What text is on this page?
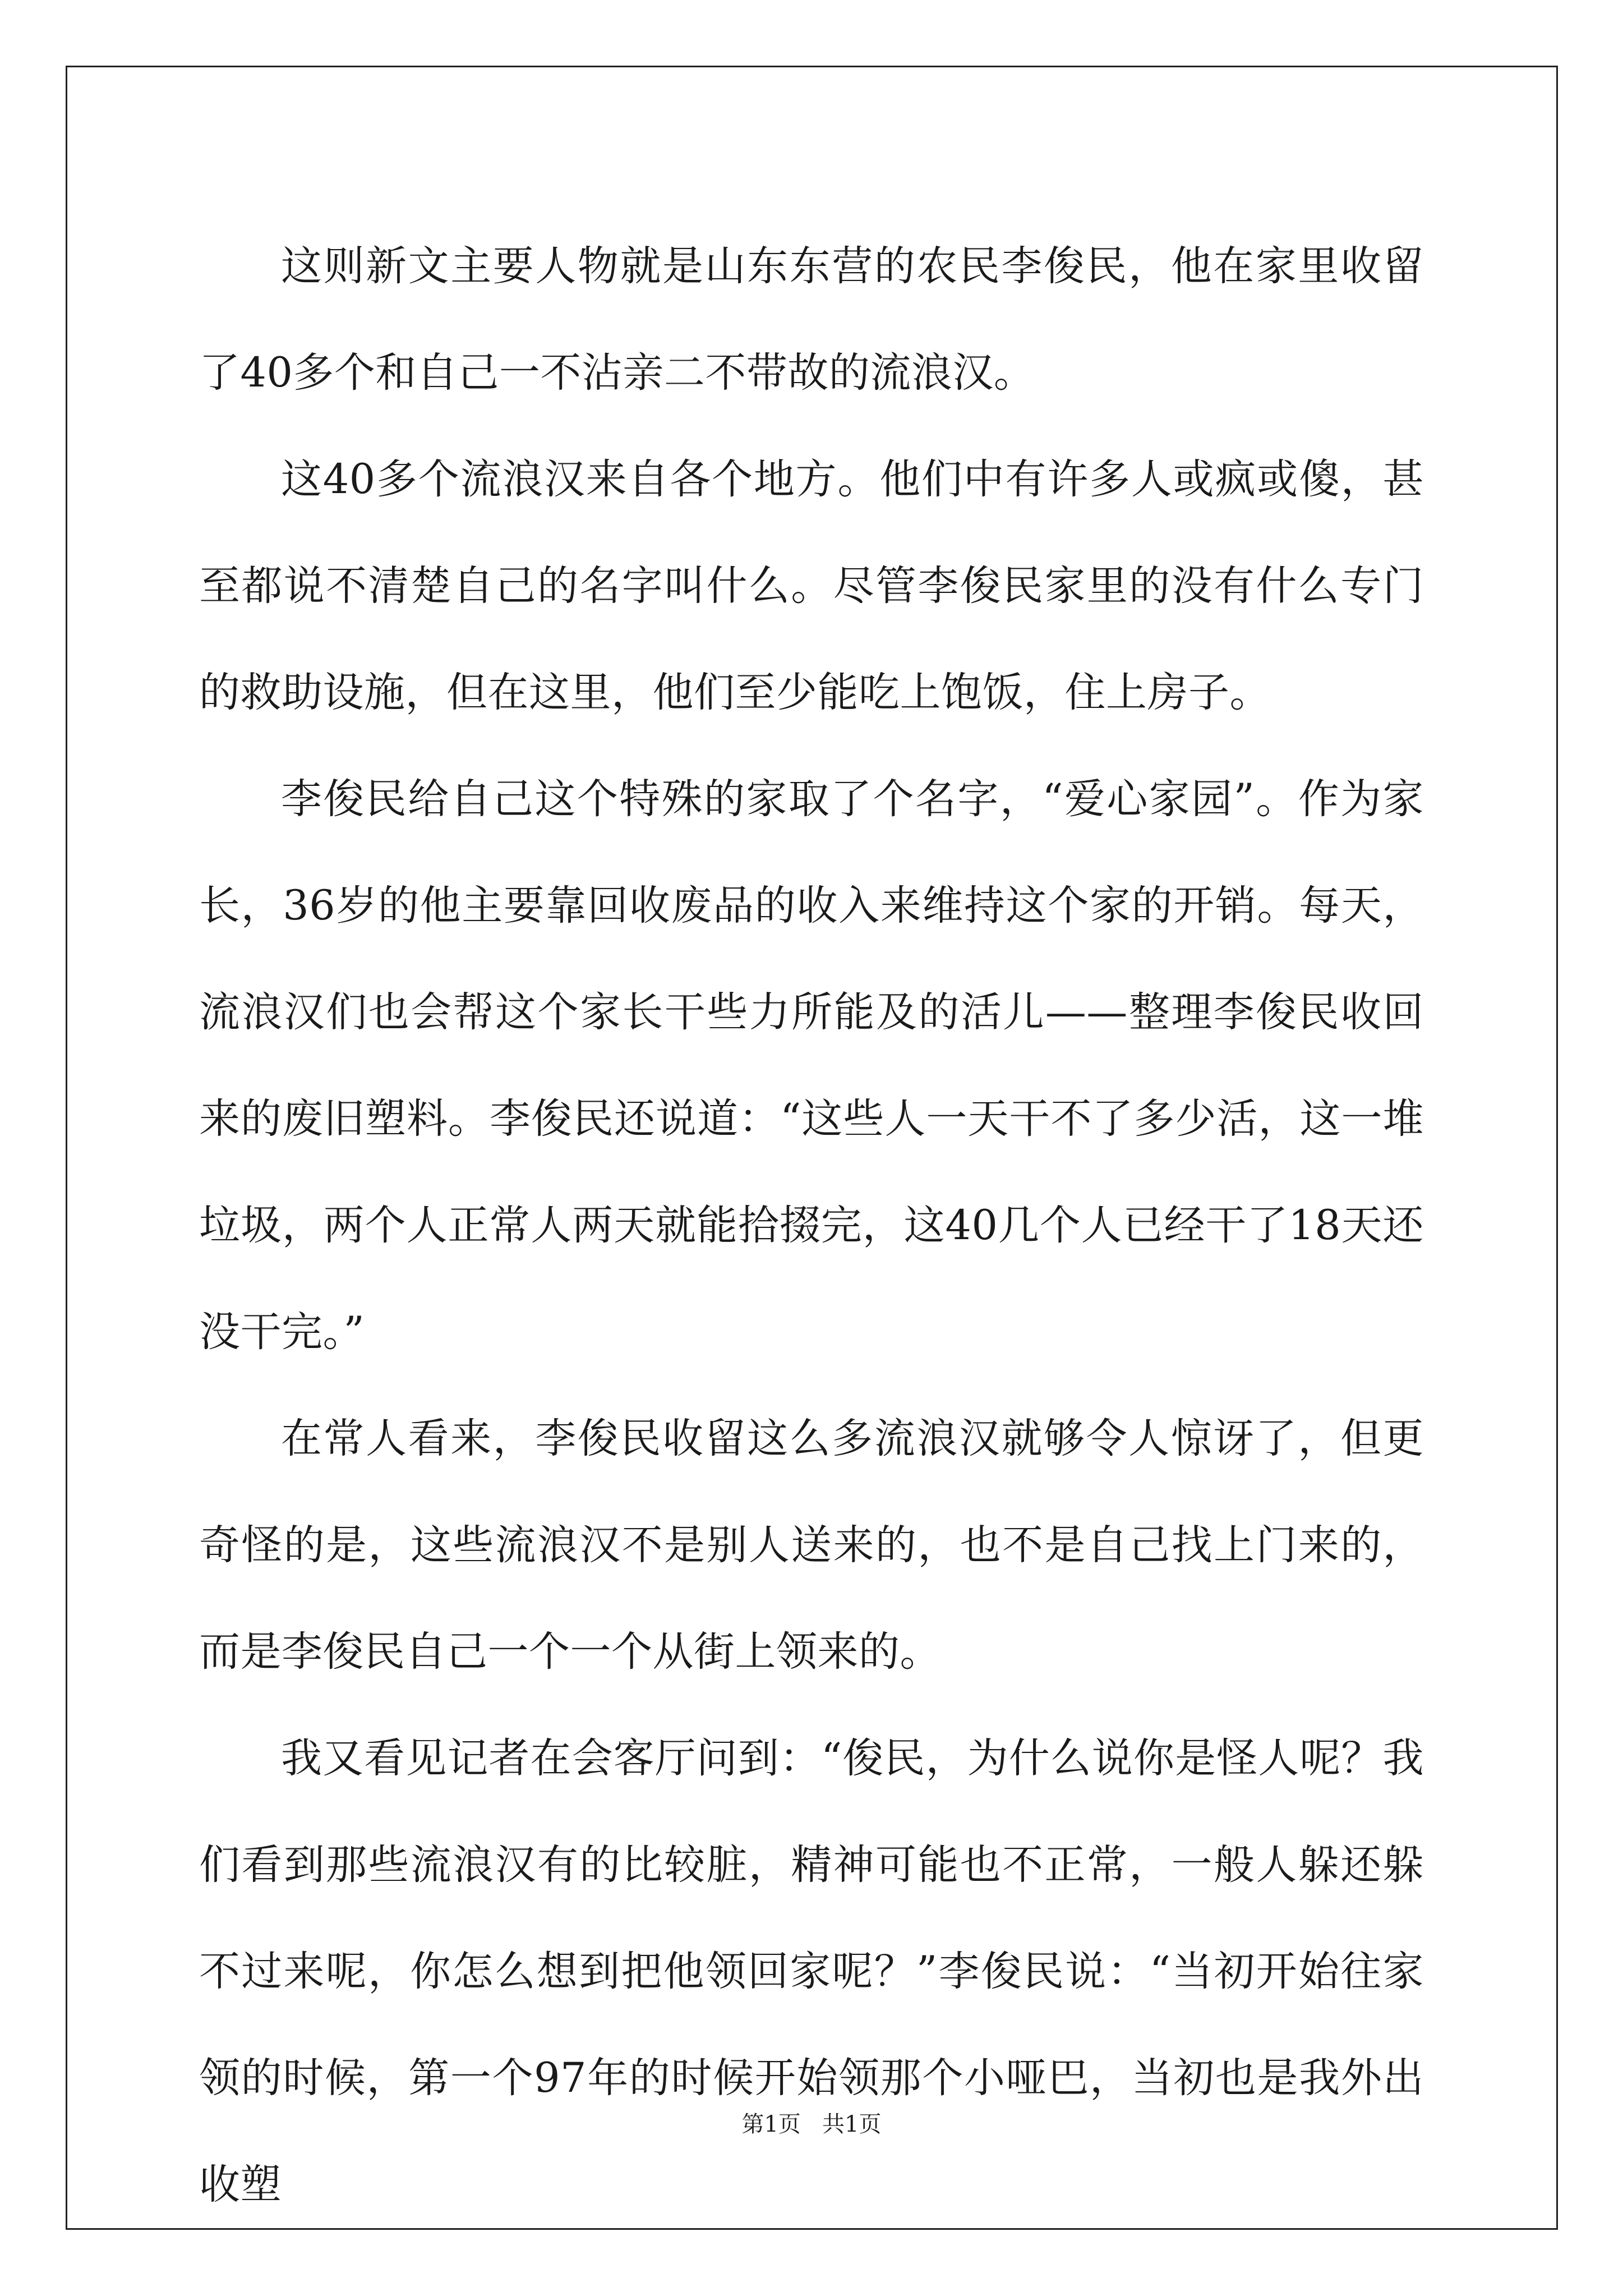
这则新文主要人物就是山东东营的农民李俊民，他在家里收留了40多个和自己一不沾亲二不带故的流浪汉。

这40多个流浪汉来自各个地方。他们中有许多人或疯或傻，甚至都说不清楚自己的名字叫什么。尽管李俊民家里的没有什么专门的救助设施，但在这里，他们至少能吃上饱饭，住上房子。

李俊民给自己这个特殊的家取了个名字，“爱心家园”。作为家长，36岁的他主要靠回收废品的收入来维持这个家的开销。每天，流浪汉们也会帮这个家长干些力所能及的活儿——整理李俊民收回来的废旧塑料。李俊民还说道：“这些人一天干不了多少活，这一堆垃圾，两个人正常人两天就能拾掇完，这40几个人已经干了18天还没干完。”

在常人看来，李俊民收留这么多流浪汉就够令人惊讶了，但更奇怪的是，这些流浪汉不是别人送来的，也不是自己找上门来的，而是李俊民自己一个一个从街上领来的。

我又看见记者在会客厅问到：“俊民，为什么说你是怪人呢？我们看到那些流浪汉有的比较脏，精神可能也不正常，一般人躲还躲不过来呢，你怎么想到把他领回家呢？”李俊民说：“当初开始往家领的时候，第一个97年的时候开始领那个小哑巴，当初也是我外出收塑

第1页   共1页
